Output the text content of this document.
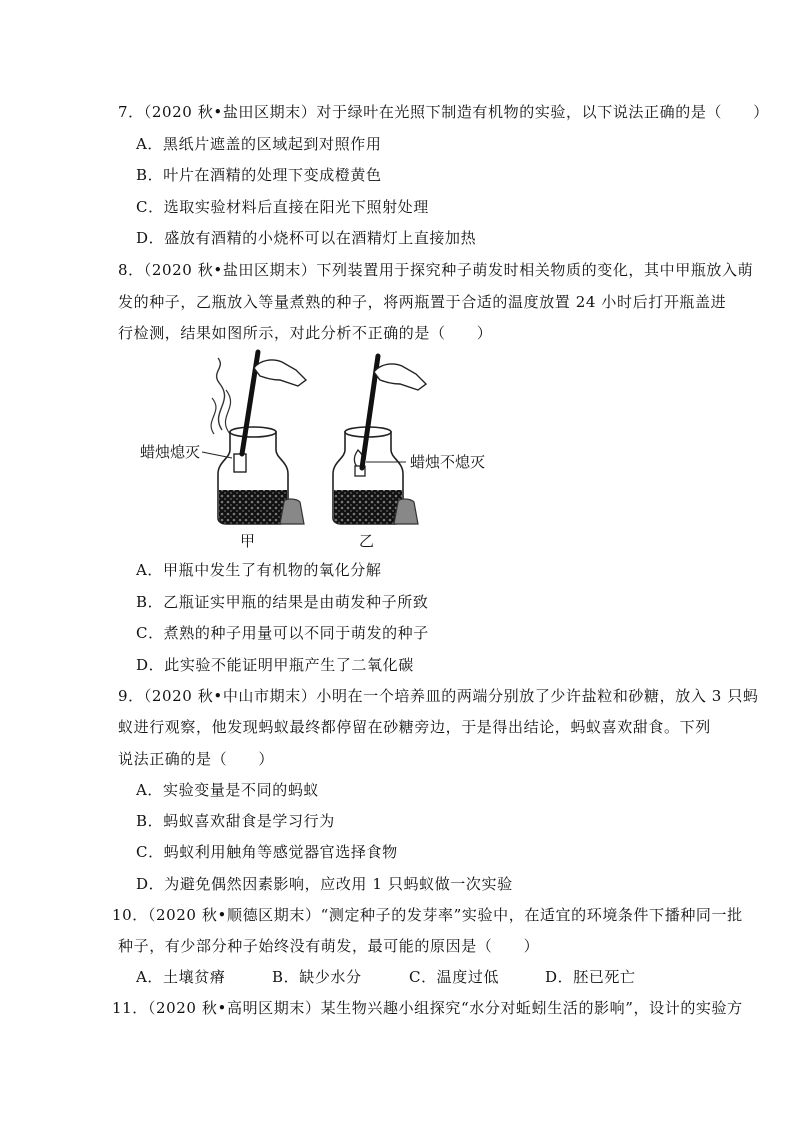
7．（2020 秋•盐田区期末）对于绿叶在光照下制造有机物的实验，以下说法正确的是（　　）
A．黑纸片遮盖的区域起到对照作用
B．叶片在酒精的处理下变成橙黄色
C．选取实验材料后直接在阳光下照射处理
D．盛放有酒精的小烧杯可以在酒精灯上直接加热
8．（2020 秋•盐田区期末）下列装置用于探究种子萌发时相关物质的变化，其中甲瓶放入萌
发的种子，乙瓶放入等量煮熟的种子，将两瓶置于合适的温度放置 24 小时后打开瓶盖进
行检测，结果如图所示，对此分析不正确的是（　　）
蜡烛熄灭
蜡烛不熄灭
甲	乙
A．甲瓶中发生了有机物的氧化分解
B．乙瓶证实甲瓶的结果是由萌发种子所致
C．煮熟的种子用量可以不同于萌发的种子
D．此实验不能证明甲瓶产生了二氧化碳
9．（2020 秋•中山市期末）小明在一个培养皿的两端分别放了少许盐粒和砂糖，放入 3 只蚂
蚁进行观察，他发现蚂蚁最终都停留在砂糖旁边，于是得出结论，蚂蚁喜欢甜食。下列
说法正确的是（　　）
A．实验变量是不同的蚂蚁
B．蚂蚁喜欢甜食是学习行为
C．蚂蚁利用触角等感觉器官选择食物
D．为避免偶然因素影响，应改用 1 只蚂蚁做一次实验
10．（2020 秋•顺德区期末）“测定种子的发芽率”实验中，在适宜的环境条件下播种同一批
种子，有少部分种子始终没有萌发，最可能的原因是（　　）
A．土壤贫瘠	B．缺少水分	C．温度过低	D．胚已死亡
11．（2020 秋•高明区期末）某生物兴趣小组探究“水分对蚯蚓生活的影响”，设计的实验方
